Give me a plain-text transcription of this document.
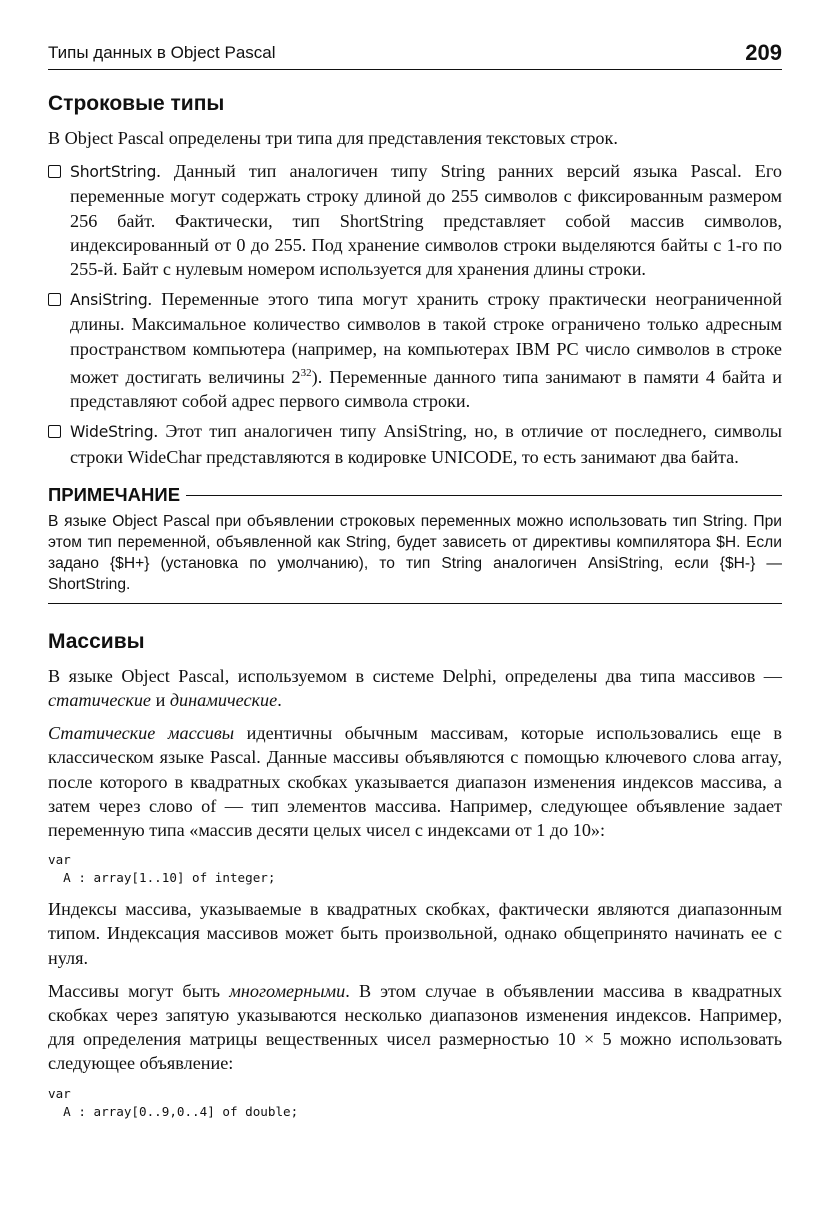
Типы данных в Object Pascal	209
Строковые типы

В Object Pascal определены три типа для представления текстовых строк.

ShortString. Данный тип аналогичен типу String ранних версий языка Pascal. Его переменные могут содержать строку длиной до 255 символов с фиксированным размером 256 байт. Фактически, тип ShortString представляет собой массив символов, индексированный от 0 до 255. Под хранение символов строки выделяются байты с 1-го по 255-й. Байт с нулевым номером используется для хранения длины строки.

AnsiString. Переменные этого типа могут хранить строку практически неограниченной длины. Максимальное количество символов в такой строке ограничено только адресным пространством компьютера (например, на компьютерах IBM PC число символов в строке может достигать величины $2^{32}$). Переменные данного типа занимают в памяти 4 байта и представляют собой адрес первого символа строки.

WideString. Этот тип аналогичен типу AnsiString, но, в отличие от последнего, символы строки WideChar представляются в кодировке UNICODE, то есть занимают два байта.

ПРИМЕЧАНИЕ

В языке Object Pascal при объявлении строковых переменных можно использовать тип String. При этом тип переменной, объявленной как String, будет зависеть от директивы компилятора $H. Если задано {$H+} (установка по умолчанию), то тип String аналогичен AnsiString, если {$H-} — ShortString.

Массивы

В языке Object Pascal, используемом в системе Delphi, определены два типа массивов — статические и динамические.

Статические массивы идентичны обычным массивам, которые использовались еще в классическом языке Pascal. Данные массивы объявляются с помощью ключевого слова array, после которого в квадратных скобках указывается диапазон изменения индексов массива, а затем через слово of — тип элементов массива. Например, следующее объявление задает переменную типа «массив десяти целых чисел с индексами от 1 до 10»:

var
A : array[1..10] of integer;

Индексы массива, указываемые в квадратных скобках, фактически являются диапазонным типом. Индексация массивов может быть произвольной, однако общепринято начинать ее с нуля.

Массивы могут быть многомерными. В этом случае в объявлении массива в квадратных скобках через запятую указываются несколько диапазонов изменения индексов. Например, для определения матрицы вещественных чисел размерностью 10 × 5 можно использовать следующее объявление:

var
A : array[0..9,0..4] of double;
